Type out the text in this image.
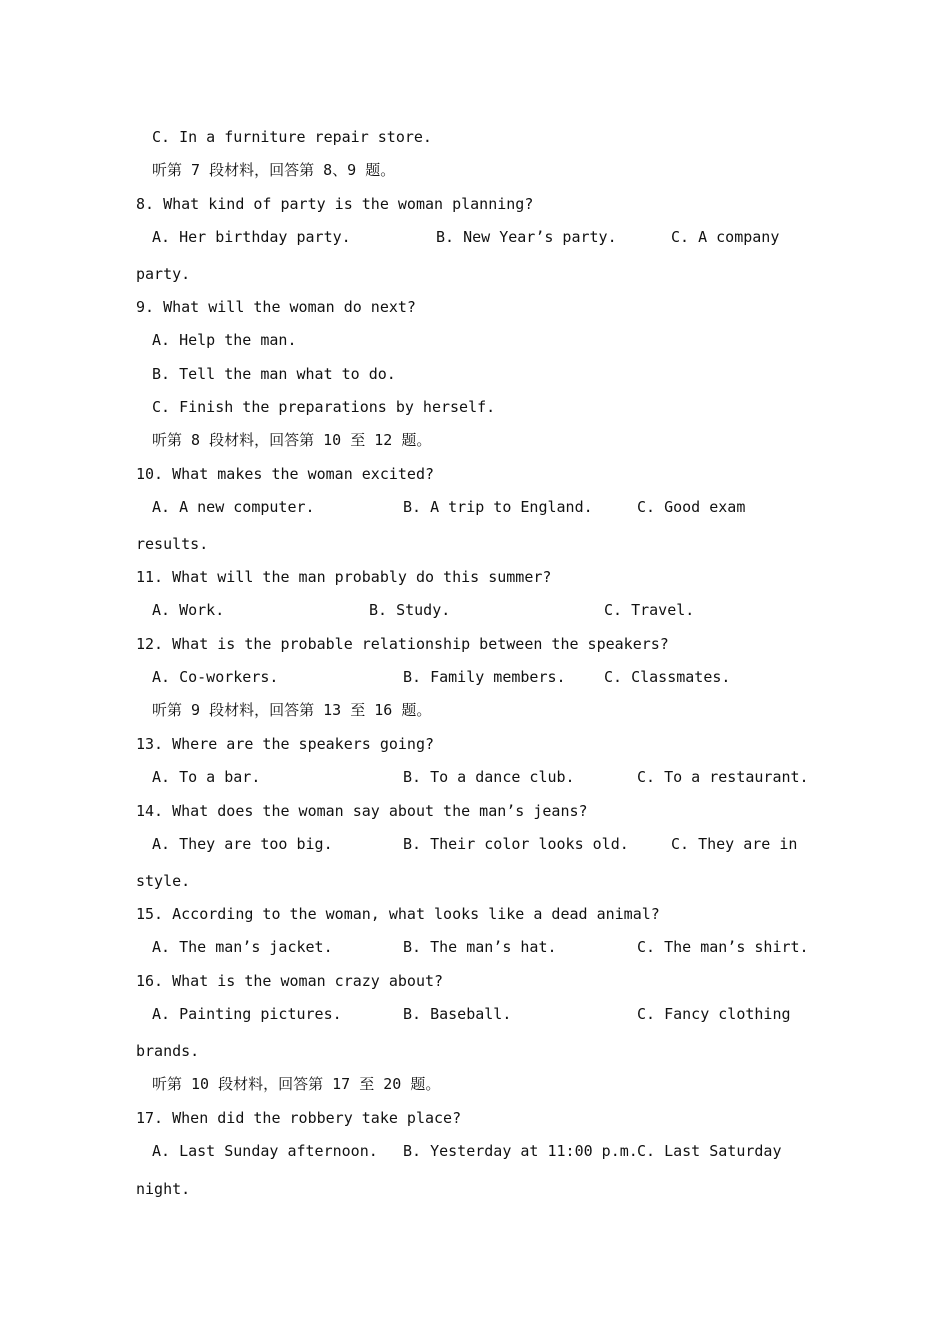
C. In a furniture repair store.
听第 7 段材料，回答第 8、9 题。
8. What kind of party is the woman planning?
A. Her birthday party.	B. New Year’s party.	C. A company
party.
9. What will the woman do next?
A. Help the man.
B. Tell the man what to do.
C. Finish the preparations by herself.
听第 8 段材料，回答第 10 至 12 题。
10. What makes the woman excited?
A. A new computer.	B. A trip to England.	C. Good exam
results.
11. What will the man probably do this summer?
A. Work.	B. Study.	C. Travel.
12. What is the probable relationship between the speakers?
A. Co-workers.	B. Family members.	C. Classmates.
听第 9 段材料，回答第 13 至 16 题。
13. Where are the speakers going?
A. To a bar.	B. To a dance club.	C. To a restaurant.
14. What does the woman say about the man’s jeans?
A. They are too big.	B. Their color looks old.	C. They are in
style.
15. According to the woman, what looks like a dead animal?
A. The man’s jacket.	B. The man’s hat.	C. The man’s shirt.
16. What is the woman crazy about?
A. Painting pictures.	B. Baseball.	C. Fancy clothing
brands.
听第 10 段材料，回答第 17 至 20 题。
17. When did the robbery take place?
A. Last Sunday afternoon. B. Yesterday at 11:00 p.m. C. Last Saturday
night.
